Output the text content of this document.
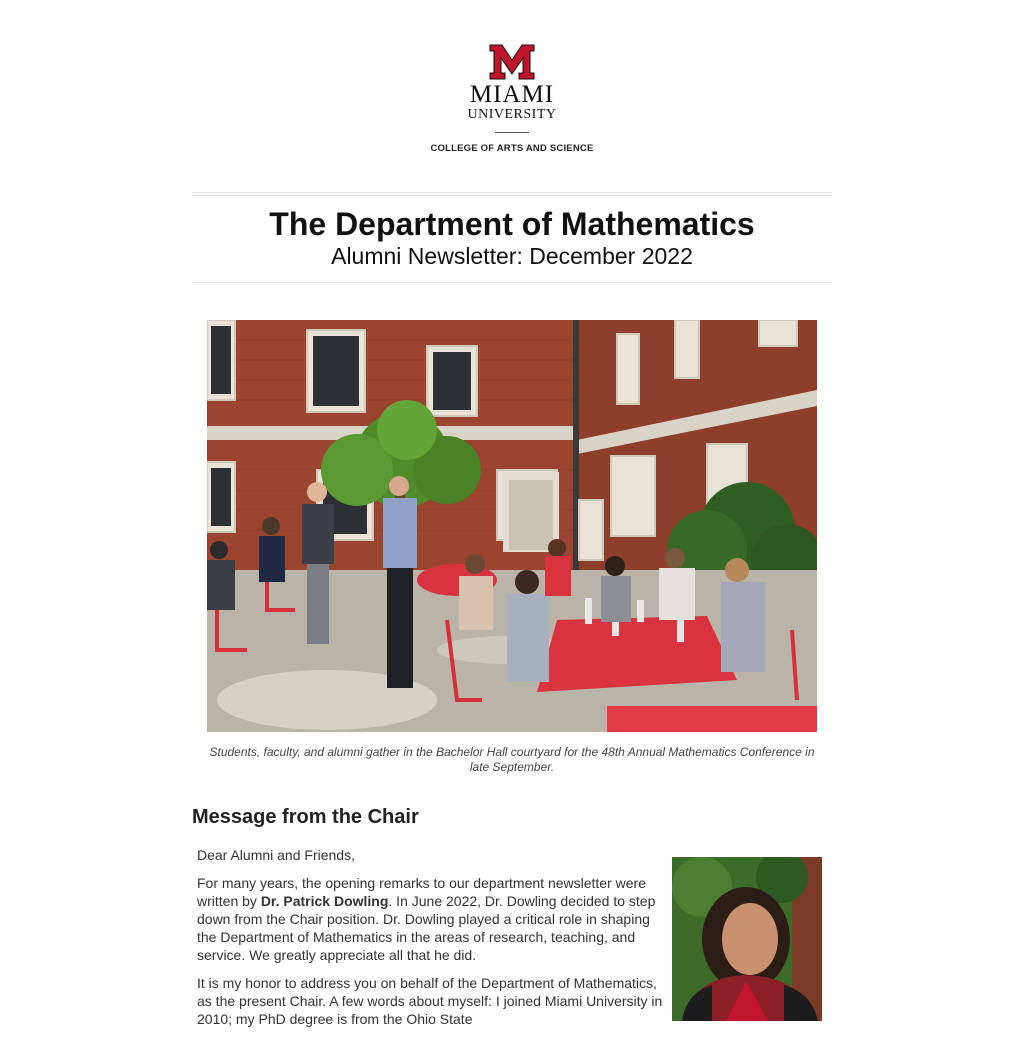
MIAMI
UNIVERSITY
COLLEGE OF ARTS AND SCIENCE
The Department of Mathematics
Alumni Newsletter: December 2022
Students, faculty, and alumni gather in the Bachelor Hall courtyard for the 48th Annual Mathematics Conference in late September.
Message from the Chair

Dear Alumni and Friends,

For many years, the opening remarks to our department newsletter were written by Dr. Patrick Dowling. In June 2022, Dr. Dowling decided to step down from the Chair position. Dr. Dowling played a critical role in shaping the Department of Mathematics in the areas of research, teaching, and service. We greatly appreciate all that he did.

It is my honor to address you on behalf of the Department of Mathematics, as the present Chair. A few words about myself: I joined Miami University in 2010; my PhD degree is from the Ohio State
